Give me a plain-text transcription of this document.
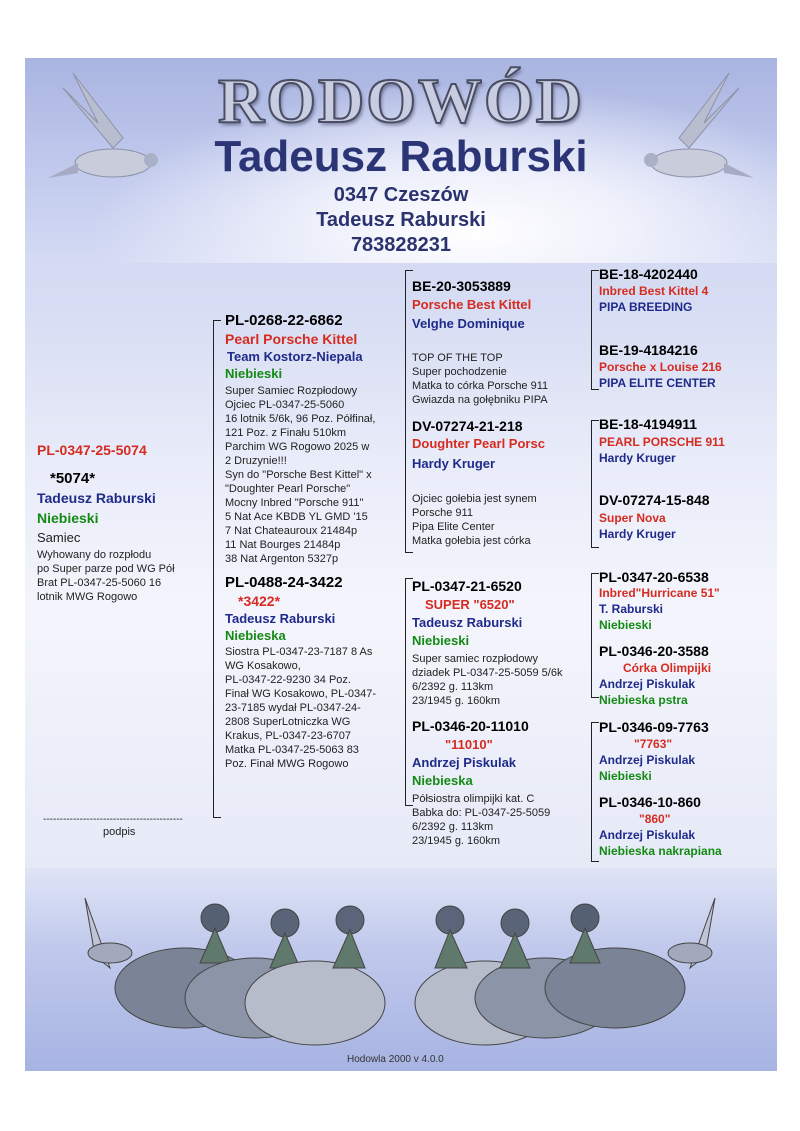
RODOWÓD
Tadeusz Raburski
0347 Czeszów
Tadeusz Raburski
783828231
Hodowla 2000 v 4.0.0
PL-0347-25-5074
*5074*
Tadeusz Raburski
Niebieski
Samiec
Wyhowany do rozpłodu
po Super parze pod WG Pół
Brat PL-0347-25-5060 16
lotnik MWG Rogowo
------------------------------------------
podpis
PL-0268-22-6862
Pearl Porsche Kittel
Team Kostorz-Niepala
Niebieski
Super Samiec Rozpłodowy
Ojciec PL-0347-25-5060
16 lotnik 5/6k, 96 Poz. Półfinał,
121 Poz. z Finału 510km
Parchim WG Rogowo 2025 w
2 Druzynie!!!
Syn do "Porsche Best Kittel" x
"Doughter Pearl Porsche"
Mocny Inbred "Porsche 911"
5 Nat Ace KBDB YL GMD '15
7 Nat Chateauroux 21484p
11 Nat Bourges 21484p
38 Nat Argenton 5327p
PL-0488-24-3422
*3422*
Tadeusz Raburski
Niebieska
Siostra PL-0347-23-7187 8 As
WG Kosakowo,
PL-0347-22-9230 34 Poz.
Finał WG Kosakowo, PL-0347-
23-7185 wydał PL-0347-24-
2808 SuperLotniczka WG
Krakus, PL-0347-23-6707
Matka PL-0347-25-5063 83
Poz. Finał MWG Rogowo
BE-20-3053889
Porsche Best Kittel
Velghe Dominique
TOP OF THE TOP
Super pochodzenie
Matka to córka Porsche 911
Gwiazda na gołębniku PIPA
DV-07274-21-218
Doughter Pearl Porsc
Hardy Kruger
Ojciec gołebia jest synem
Porsche 911
Pipa Elite Center
Matka gołebia jest córka
PL-0347-21-6520
SUPER "6520"
Tadeusz Raburski
Niebieski
Super samiec rozpłodowy
dziadek PL-0347-25-5059 5/6k
6/2392 g. 113km
23/1945 g. 160km
PL-0346-20-11010
"11010"
Andrzej Piskulak
Niebieska
Półsiostra olimpijki kat. C
Babka do: PL-0347-25-5059
6/2392 g. 113km
23/1945 g. 160km
BE-18-4202440
Inbred Best Kittel 4
PIPA BREEDING
BE-19-4184216
Porsche x Louise 216
PIPA ELITE CENTER
BE-18-4194911
PEARL PORSCHE 911
Hardy Kruger
DV-07274-15-848
Super Nova
Hardy Kruger
PL-0347-20-6538
Inbred"Hurricane 51"
T. Raburski
Niebieski
PL-0346-20-3588
Córka Olimpijki
Andrzej Piskulak
Niebieska pstra
PL-0346-09-7763
"7763"
Andrzej Piskulak
Niebieski
PL-0346-10-860
"860"
Andrzej Piskulak
Niebieska nakrapiana
